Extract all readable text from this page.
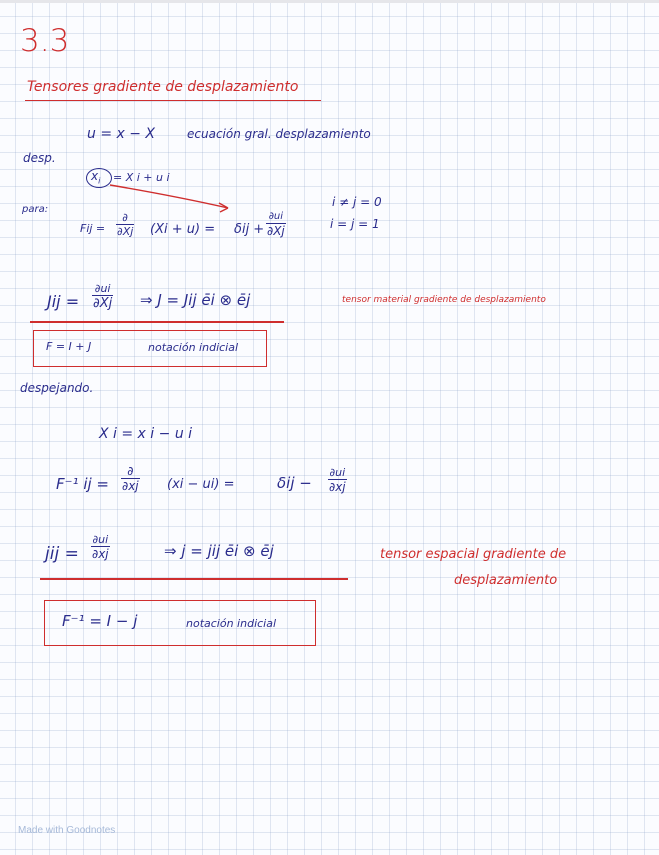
3.3
Tensores gradiente de desplazamiento
u = x − X	ecuación gral. desplazamiento
desp.
$x_i = X$ i + u i
para:
Fij =
∂
∂Xj (Xi + u) = δij +
∂ui
∂Xj
i ≠ j = 0
i = j = 1
Jij =
∂ui
∂Xj ⇒ J = Jij ēi ⊗ ēj	tensor material gradiente de desplazamiento
F = I + J	notación indicial
despejando.
X i = x i − u i
F⁻¹ ij =
∂
∂xj (xi − ui) =	$\delta ij - \frac{\partial ui}{\partial xj}$
jij = $\frac{\partial ui}{\partial xj}$	⇒ j = jij ēi ⊗ ēj	tensor espacial gradiente de
desplazamiento
F⁻¹ = I − j	notación indicial
Made with Goodnotes
